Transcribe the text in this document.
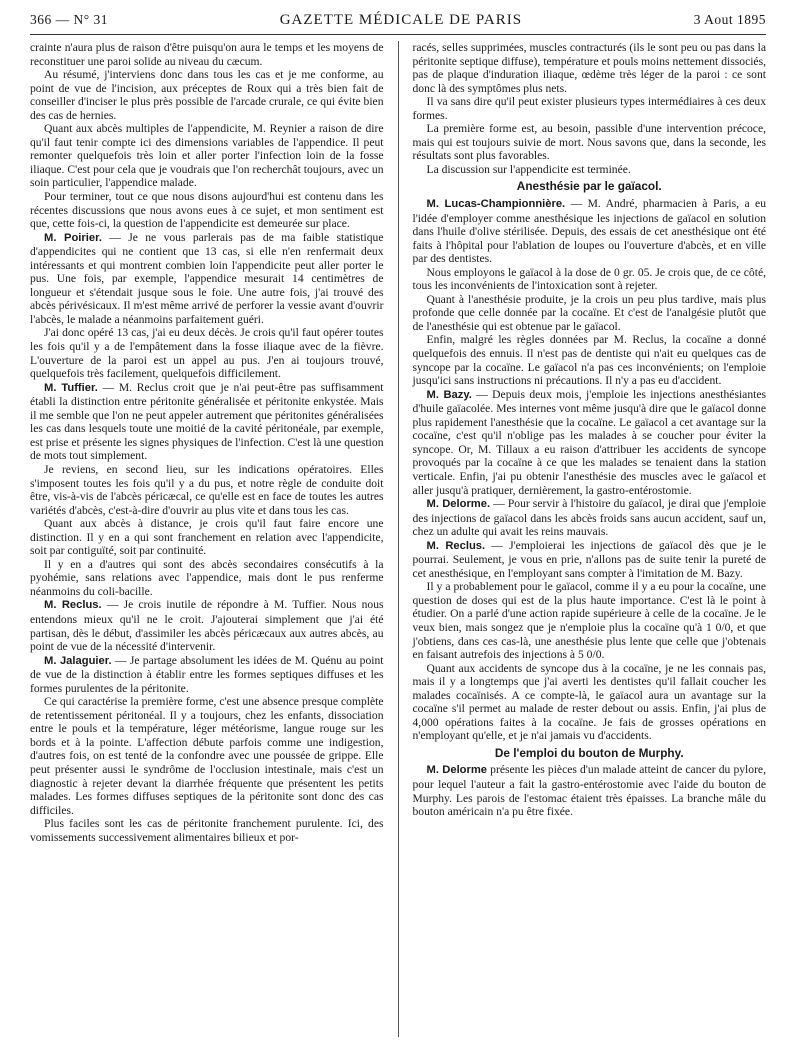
366 — N° 31	GAZETTE MÉDICALE DE PARIS	3 Aout 1895

crainte n'aura plus de raison d'être puisqu'on aura le temps et les moyens de reconstituer une paroi solide au niveau du cæcum.

Au résumé, j'interviens donc dans tous les cas et je me conforme, au point de vue de l'incision, aux préceptes de Roux qui a très bien fait de conseiller d'inciser le plus près possible de l'arcade crurale, ce qui évite bien des cas de hernies.

Quant aux abcès multiples de l'appendicite, M. Reynier a raison de dire qu'il faut tenir compte ici des dimensions variables de l'appendice. Il peut remonter quelquefois très loin et aller porter l'infection loin de la fosse iliaque. C'est pour cela que je voudrais que l'on recherchât toujours, avec un soin particulier, l'appendice malade.

Pour terminer, tout ce que nous disons aujourd'hui est contenu dans les récentes discussions que nous avons eues à ce sujet, et mon sentiment est que, cette fois-ci, la question de l'appendicite est demeurée sur place.

M. Poirier. — Je ne vous parlerais pas de ma faible statistique d'appendicites qui ne contient que 13 cas, si elle n'en renfermait deux intéressants et qui montrent combien loin l'appendicite peut aller porter le pus. Une fois, par exemple, l'appendice mesurait 14 centimètres de longueur et s'étendait jusque sous le foie. Une autre fois, j'ai trouvé des abcès périvésicaux. Il m'est même arrivé de perforer la vessie avant d'ouvrir l'abcès, le malade a néanmoins parfaitement guéri.

J'ai donc opéré 13 cas, j'ai eu deux décès. Je crois qu'il faut opérer toutes les fois qu'il y a de l'empâtement dans la fosse iliaque avec de la fièvre. L'ouverture de la paroi est un appel au pus. J'en ai toujours trouvé, quelquefois très facilement, quelquefois difficilement.

M. Tuffier. — M. Reclus croit que je n'ai peut-être pas suffisamment établi la distinction entre péritonite généralisée et péritonite enkystée. Mais il me semble que l'on ne peut appeler autrement que péritonites généralisées les cas dans lesquels toute une moitié de la cavité péritonéale, par exemple, est prise et présente les signes physiques de l'infection. C'est là une question de mots tout simplement.

Je reviens, en second lieu, sur les indications opératoires. Elles s'imposent toutes les fois qu'il y a du pus, et notre règle de conduite doit être, vis-à-vis de l'abcès péricæcal, ce qu'elle est en face de toutes les autres variétés d'abcès, c'est-à-dire d'ouvrir au plus vite et dans tous les cas.

Quant aux abcès à distance, je crois qu'il faut faire encore une distinction. Il y en a qui sont franchement en relation avec l'appendicite, soit par contiguïté, soit par continuité.

Il y en a d'autres qui sont des abcès secondaires consécutifs à la pyohémie, sans relations avec l'appendice, mais dont le pus renferme néanmoins du coli-bacille.

M. Reclus. — Je crois inutile de répondre à M. Tuffier. Nous nous entendons mieux qu'il ne le croit. J'ajouterai simplement que j'ai été partisan, dès le début, d'assimiler les abcès péricæcaux aux autres abcès, au point de vue de la nécessité d'intervenir.

M. Jalaguier. — Je partage absolument les idées de M. Quénu au point de vue de la distinction à établir entre les formes septiques diffuses et les formes purulentes de la péritonite.

Ce qui caractérise la première forme, c'est une absence presque complète de retentissement péritonéal. Il y a toujours, chez les enfants, dissociation entre le pouls et la température, léger météorisme, langue rouge sur les bords et à la pointe. L'affection débute parfois comme une indigestion, d'autres fois, on est tenté de la confondre avec une poussée de grippe. Elle peut présenter aussi le syndrôme de l'occlusion intestinale, mais c'est un diagnostic à rejeter devant la diarrhée fréquente que présentent les petits malades. Les formes diffuses septiques de la péritonite sont donc des cas difficiles.

Plus faciles sont les cas de péritonite franchement purulente. Ici, des vomissements successivement alimentaires bilieux et por-

racés, selles supprimées, muscles contracturés (ils le sont peu ou pas dans la péritonite septique diffuse), température et pouls moins nettement dissociés, pas de plaque d'induration iliaque, œdème très léger de la paroi : ce sont donc là des symptômes plus nets.

Il va sans dire qu'il peut exister plusieurs types intermédiaires à ces deux formes.

La première forme est, au besoin, passible d'une intervention précoce, mais qui est toujours suivie de mort. Nous savons que, dans la seconde, les résultats sont plus favorables.

La discussion sur l'appendicite est terminée.

Anesthésie par le gaïacol.

M. Lucas-Championnière. — M. André, pharmacien à Paris, a eu l'idée d'employer comme anesthésique les injections de gaïacol en solution dans l'huile d'olive stérilisée. Depuis, des essais de cet anesthésique ont été faits à l'hôpital pour l'ablation de loupes ou l'ouverture d'abcès, et en ville par des dentistes.

Nous employons le gaïacol à la dose de 0 gr. 05. Je crois que, de ce côté, tous les inconvénients de l'intoxication sont à rejeter.

Quant à l'anesthésie produite, je la crois un peu plus tardive, mais plus profonde que celle donnée par la cocaïne. Et c'est de l'analgésie plutôt que de l'anesthésie qui est obtenue par le gaïacol.

Enfin, malgré les règles données par M. Reclus, la cocaïne a donné quelquefois des ennuis. Il n'est pas de dentiste qui n'ait eu quelques cas de syncope par la cocaïne. Le gaïacol n'a pas ces inconvénients; on l'emploie jusqu'ici sans instructions ni précautions. Il n'y a pas eu d'accident.

M. Bazy. — Depuis deux mois, j'emploie les injections anesthésiantes d'huile gaïacolée. Mes internes vont même jusqu'à dire que le gaïacol donne plus rapidement l'anesthésie que la cocaïne. Le gaïacol a cet avantage sur la cocaïne, c'est qu'il n'oblige pas les malades à se coucher pour éviter la syncope. Or, M. Tillaux a eu raison d'attribuer les accidents de syncope provoqués par la cocaïne à ce que les malades se tenaient dans la station verticale. Enfin, j'ai pu obtenir l'anesthésie des muscles avec le gaïacol et aller jusqu'à pratiquer, dernièrement, la gastro-entérostomie.

M. Delorme. — Pour servir à l'histoire du gaïacol, je dirai que j'emploie des injections de gaïacol dans les abcès froids sans aucun accident, sauf un, chez un adulte qui avait les reins mauvais.

M. Reclus. — J'emploierai les injections de gaïacol dès que je le pourrai. Seulement, je vous en prie, n'allons pas de suite tenir la pureté de cet anesthésique, en l'employant sans compter à l'imitation de M. Bazy.

Il y a probablement pour le gaïacol, comme il y a eu pour la cocaïne, une question de doses qui est de la plus haute importance. C'est là le point à étudier. On a parlé d'une action rapide supérieure à celle de la cocaïne. Je le veux bien, mais songez que je n'emploie plus la cocaïne qu'à 1 0/0, et que j'obtiens, dans ces cas-là, une anesthésie plus lente que celle que j'obtenais en faisant autrefois des injections à 5 0/0.

Quant aux accidents de syncope dus à la cocaïne, je ne les connais pas, mais il y a longtemps que j'ai averti les dentistes qu'il fallait coucher les malades cocaïnisés. A ce compte-là, le gaïacol aura un avantage sur la cocaïne s'il permet au malade de rester debout ou assis. Enfin, j'ai plus de 4,000 opérations faites à la cocaïne. Je fais de grosses opérations en n'employant qu'elle, et je n'ai jamais vu d'accidents.

De l'emploi du bouton de Murphy.

M. Delorme présente les pièces d'un malade atteint de cancer du pylore, pour lequel l'auteur a fait la gastro-entérostomie avec l'aide du bouton de Murphy. Les parois de l'estomac étaient très épaisses. La branche mâle du bouton américain n'a pu être fixée.
